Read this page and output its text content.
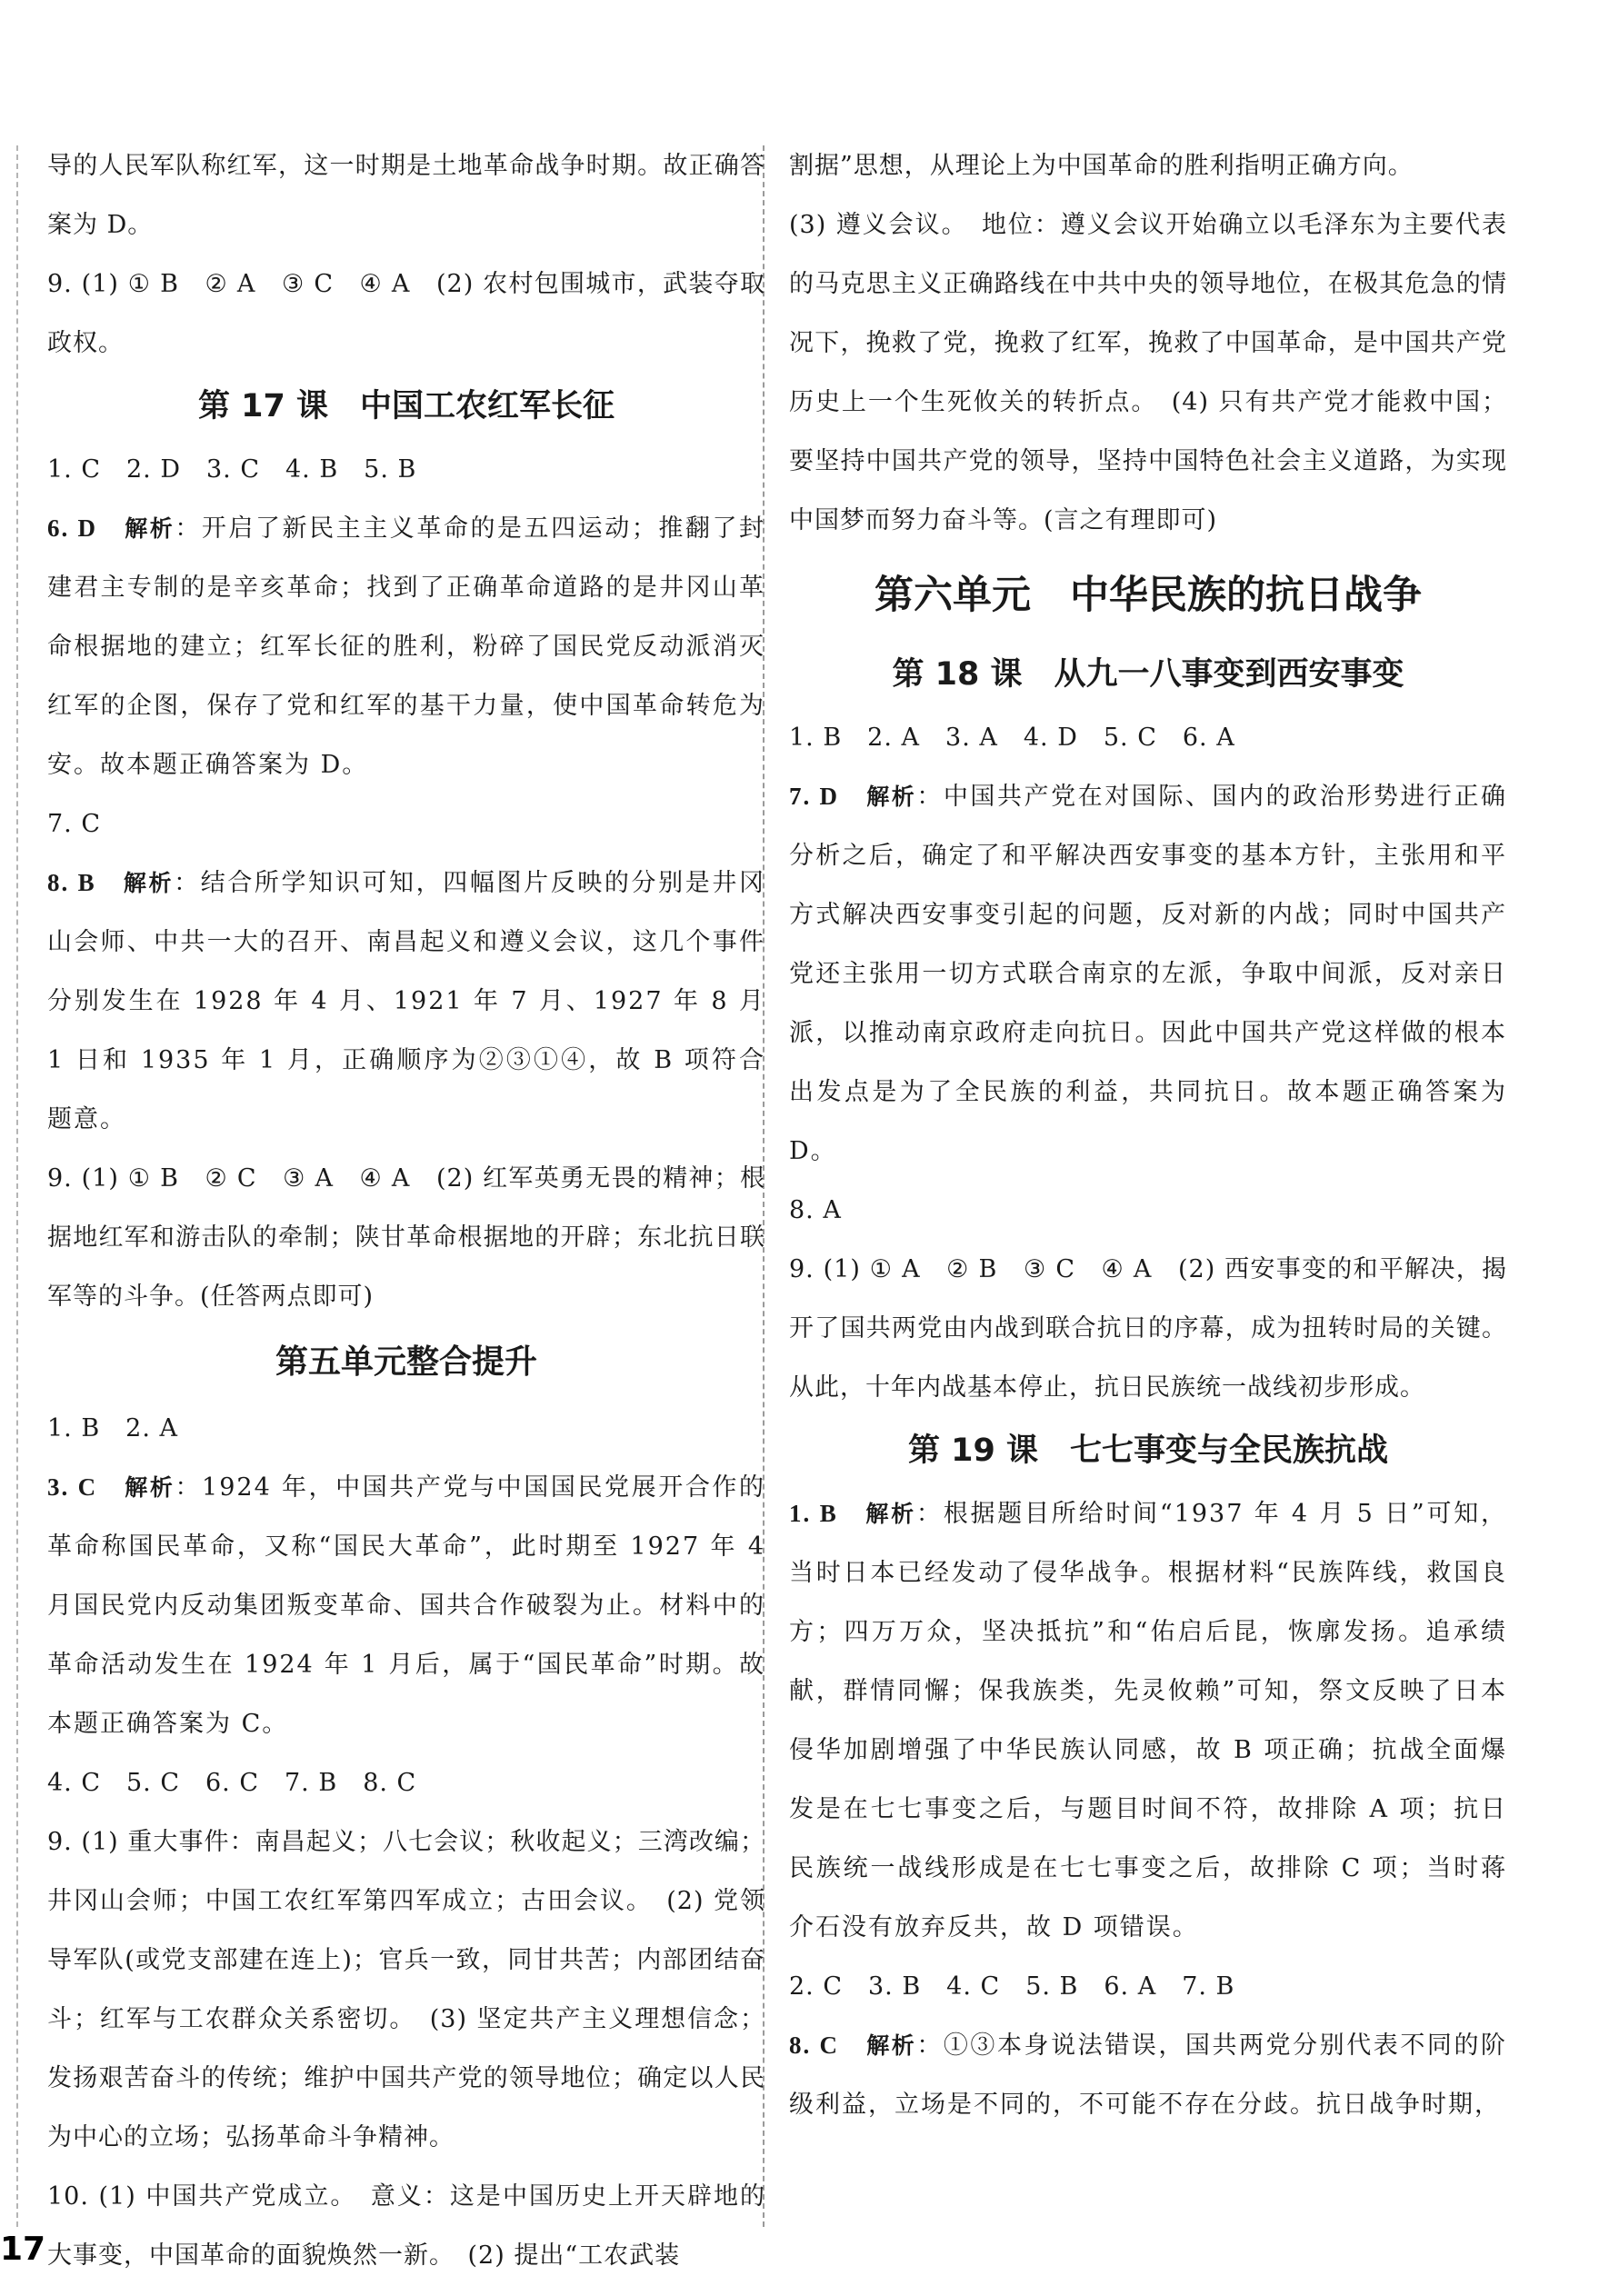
导的人民军队称红军，这一时期是土地革命战争时期。故正确答案为 D。
9. (1) ① B　② A　③ C　④ A　(2) 农村包围城市，武装夺取政权。
第 17 课　中国工农红军长征
1. C　2. D　3. C　4. B　5. B
6. D　 解析：开启了新民主主义革命的是五四运动；推翻了封建君主专制的是辛亥革命；找到了正确革命道路的是井冈山革命根据地的建立；红军长征的胜利，粉碎了国民党反动派消灭红军的企图，保存了党和红军的基干力量，使中国革命转危为安。故本题正确答案为 D。
7. C
8. B　 解析：结合所学知识可知，四幅图片反映的分别是井冈山会师、中共一大的召开、南昌起义和遵义会议，这几个事件分别发生在 1928 年 4 月、1921 年 7 月、1927 年 8 月 1 日和 1935 年 1 月，正确顺序为②③①④，故 B 项符合题意。
9. (1) ① B　② C　③ A　④ A　(2) 红军英勇无畏的精神；根据地红军和游击队的牵制；陕甘革命根据地的开辟；东北抗日联军等的斗争。(任答两点即可)
第五单元整合提升
1. B　2. A
3. C　 解析：1924 年，中国共产党与中国国民党展开合作的革命称国民革命，又称“国民大革命”，此时期至 1927 年 4 月国民党内反动集团叛变革命、国共合作破裂为止。材料中的革命活动发生在 1924 年 1 月后，属于“国民革命”时期。故本题正确答案为 C。
4. C　5. C　6. C　7. B　8. C
9. (1) 重大事件：南昌起义；八七会议；秋收起义；三湾改编；井冈山会师；中国工农红军第四军成立；古田会议。　(2) 党领导军队(或党支部建在连上)；官兵一致，同甘共苦；内部团结奋斗；红军与工农群众关系密切。　(3) 坚定共产主义理想信念；发扬艰苦奋斗的传统；维护中国共产党的领导地位；确定以人民为中心的立场；弘扬革命斗争精神。
10. (1) 中国共产党成立。　意义：这是中国历史上开天辟地的大事变，中国革命的面貌焕然一新。　(2) 提出“工农武装
割据”思想，从理论上为中国革命的胜利指明正确方向。
(3) 遵义会议。　地位：遵义会议开始确立以毛泽东为主要代表的马克思主义正确路线在中共中央的领导地位，在极其危急的情况下，挽救了党，挽救了红军，挽救了中国革命，是中国共产党历史上一个生死攸关的转折点。　(4) 只有共产党才能救中国；要坚持中国共产党的领导，坚持中国特色社会主义道路，为实现中国梦而努力奋斗等。(言之有理即可)
第六单元　中华民族的抗日战争
第 18 课　从九一八事变到西安事变
1. B　2. A　3. A　4. D　5. C　6. A
7. D　 解析：中国共产党在对国际、国内的政治形势进行正确分析之后，确定了和平解决西安事变的基本方针，主张用和平方式解决西安事变引起的问题，反对新的内战；同时中国共产党还主张用一切方式联合南京的左派，争取中间派，反对亲日派，以推动南京政府走向抗日。因此中国共产党这样做的根本出发点是为了全民族的利益，共同抗日。故本题正确答案为 D。
8. A
9. (1) ① A　② B　③ C　④ A　(2) 西安事变的和平解决，揭开了国共两党由内战到联合抗日的序幕，成为扭转时局的关键。从此，十年内战基本停止，抗日民族统一战线初步形成。
第 19 课　七七事变与全民族抗战
1. B　 解析：根据题目所给时间“1937 年 4 月 5 日”可知，当时日本已经发动了侵华战争。根据材料“民族阵线，救国良方；四万万众，坚决抵抗”和“佑启后昆，恢廓发扬。追承绩献，群情同懈；保我族类，先灵攸赖”可知，祭文反映了日本侵华加剧增强了中华民族认同感，故 B 项正确；抗战全面爆发是在七七事变之后，与题目时间不符，故排除 A 项；抗日民族统一战线形成是在七七事变之后，故排除 C 项；当时蒋介石没有放弃反共，故 D 项错误。
2. C　3. B　4. C　5. B　6. A　7. B
8. C　 解析：①③本身说法错误，国共两党分别代表不同的阶级利益，立场是不同的，不可能不存在分歧。抗日战争时期，
17
